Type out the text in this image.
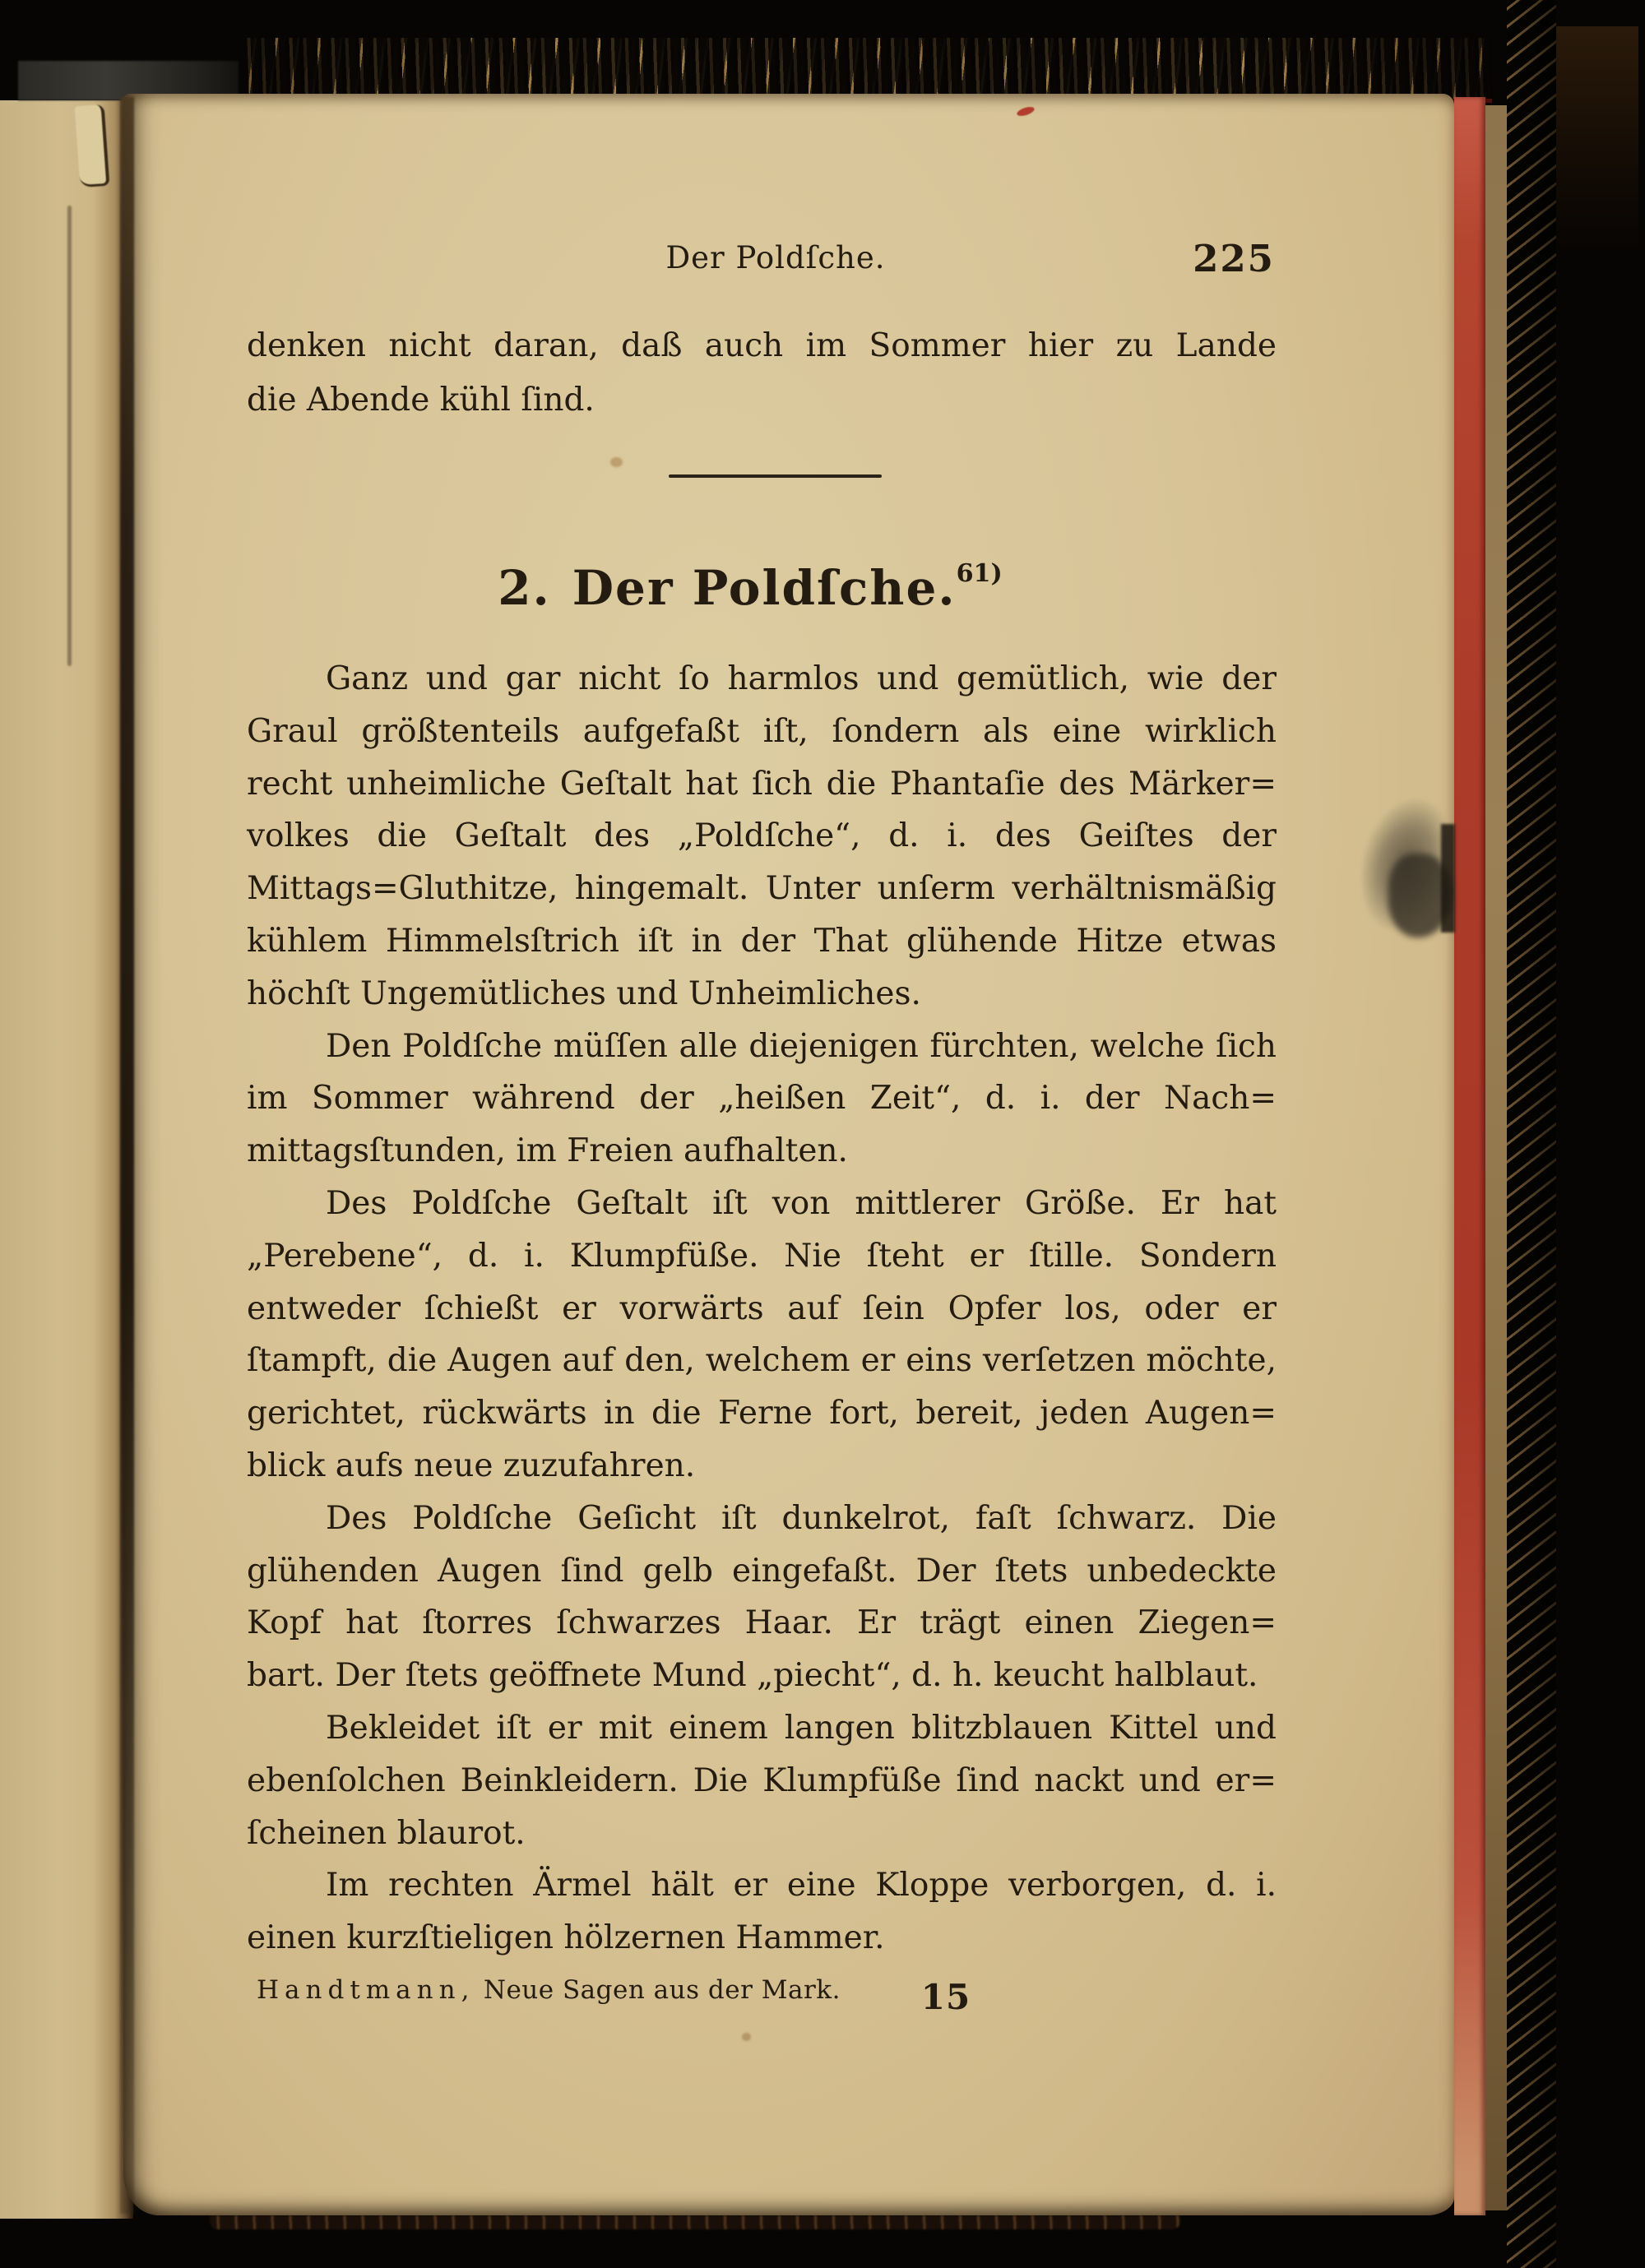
Der Poldſche.	225
denken nicht daran, daß auch im Sommer hier zu Lande
die Abende kühl ſind.
2. Der Poldſche.$^{61)}$
Ganz und gar nicht ſo harmlos und gemütlich, wie der
Graul größtenteils aufgefaßt iſt, ſondern als eine wirklich
recht unheimliche Geſtalt hat ſich die Phantaſie des Märker=
volkes die Geſtalt des „Poldſche“, d. i. des Geiſtes der
Mittags=Gluthitze, hingemalt. Unter unſerm verhältnismäßig
kühlem Himmelsſtrich iſt in der That glühende Hitze etwas
höchſt Ungemütliches und Unheimliches.
Den Poldſche müſſen alle diejenigen fürchten, welche ſich
im Sommer während der „heißen Zeit“, d. i. der Nach=
mittagsſtunden, im Freien aufhalten.
Des Poldſche Geſtalt iſt von mittlerer Größe. Er hat
„Perebene“, d. i. Klumpfüße. Nie ſteht er ſtille. Sondern
entweder ſchießt er vorwärts auf ſein Opfer los, oder er
ſtampft, die Augen auf den, welchem er eins verſetzen möchte,
gerichtet, rückwärts in die Ferne fort, bereit, jeden Augen=
blick aufs neue zuzufahren.
Des Poldſche Geſicht iſt dunkelrot, faſt ſchwarz. Die
glühenden Augen ſind gelb eingefaßt. Der ſtets unbedeckte
Kopf hat ſtorres ſchwarzes Haar. Er trägt einen Ziegen=
bart. Der ſtets geöffnete Mund „piecht“, d. h. keucht halblaut.
Bekleidet iſt er mit einem langen blitzblauen Kittel und
ebenſolchen Beinkleidern. Die Klumpfüße ſind nackt und er=
ſcheinen blaurot.
Im rechten Ärmel hält er eine Kloppe verborgen, d. i.
einen kurzſtieligen hölzernen Hammer.
Handtmann, Neue Sagen aus der Mark.	15
